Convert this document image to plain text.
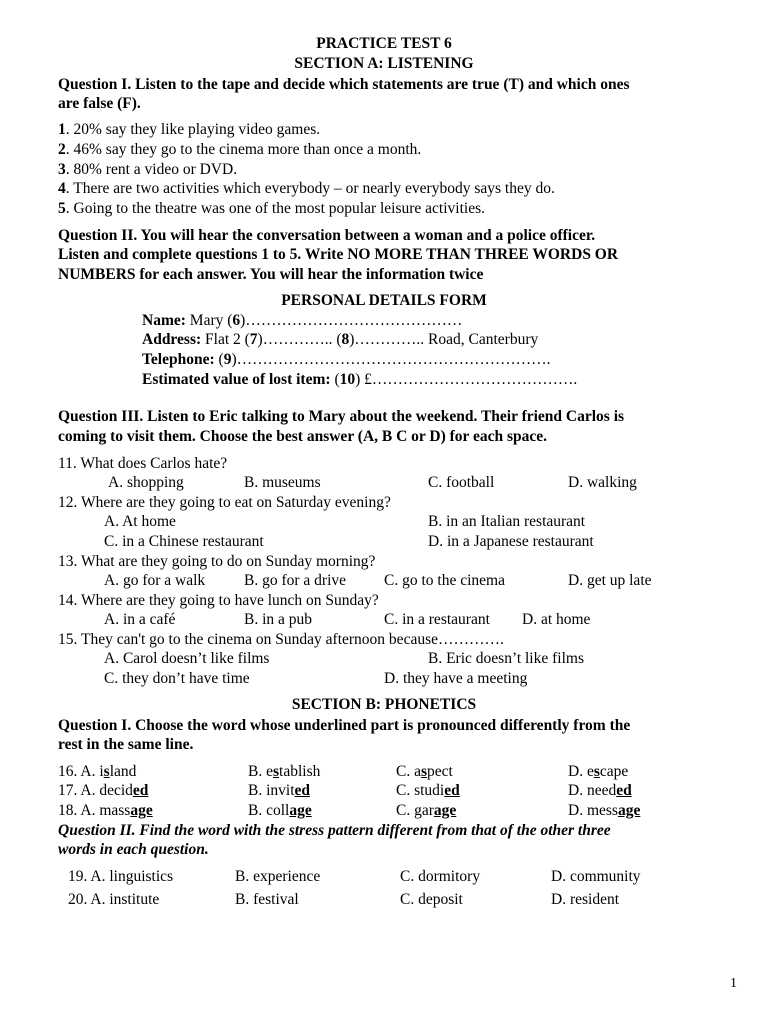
PRACTICE TEST 6
SECTION A: LISTENING
Question I. Listen to the tape and decide which statements are true (T) and which ones
are false (F).
1. 20% say they like playing video games.
2. 46% say they go to the cinema more than once a month.
3. 80% rent a video or DVD.
4. There are two activities which everybody – or nearly everybody says they do.
5. Going to the theatre was one of the most popular leisure activities.
Question II. You will hear the conversation between a woman and a police officer.
Listen and complete questions 1 to 5. Write NO MORE THAN THREE WORDS OR
NUMBERS for each answer. You will hear the information twice
PERSONAL DETAILS FORM
Name: Mary (6)……………………………………
Address: Flat 2 (7)………….. (8)………….. Road, Canterbury
Telephone: (9)…………………………………………………….
Estimated value of lost item: (10) £………………………………….
Question III. Listen to Eric talking to Mary about the weekend. Their friend Carlos is
coming to visit them. Choose the best answer (A, B C or D) for each space.
11. What does Carlos hate?
A. shopping	B. museums	C. football	D. walking
12. Where are they going to eat on Saturday evening?
A. At home	B. in an Italian restaurant
C. in a Chinese restaurant	D. in a Japanese restaurant
13. What are they going to do on Sunday morning?
A. go for a walk	B. go for a drive C. go to the cinema	D. get up late
14. Where are they going to have lunch on Sunday?
A. in a café	B. in a pub	C. in a restaurant D. at home
15. They can't go to the cinema on Sunday afternoon because………….
A. Carol doesn’t like films	B. Eric doesn’t like films
C. they don’t have time	D. they have a meeting
SECTION B: PHONETICS
Question I. Choose the word whose underlined part is pronounced differently from the
rest in the same line.
16. A. island	B. establish	C. aspect	D. escape
17. A. decided	B. invited	C. studied	D. needed
18. A. massage	B. collage	C. garage	D. message
Question II. Find the word with the stress pattern different from that of the other three
words in each question.
19. A. linguistics	B. experience	C. dormitory	D. community
20. A. institute	B. festival	C. deposit	D. resident
1
